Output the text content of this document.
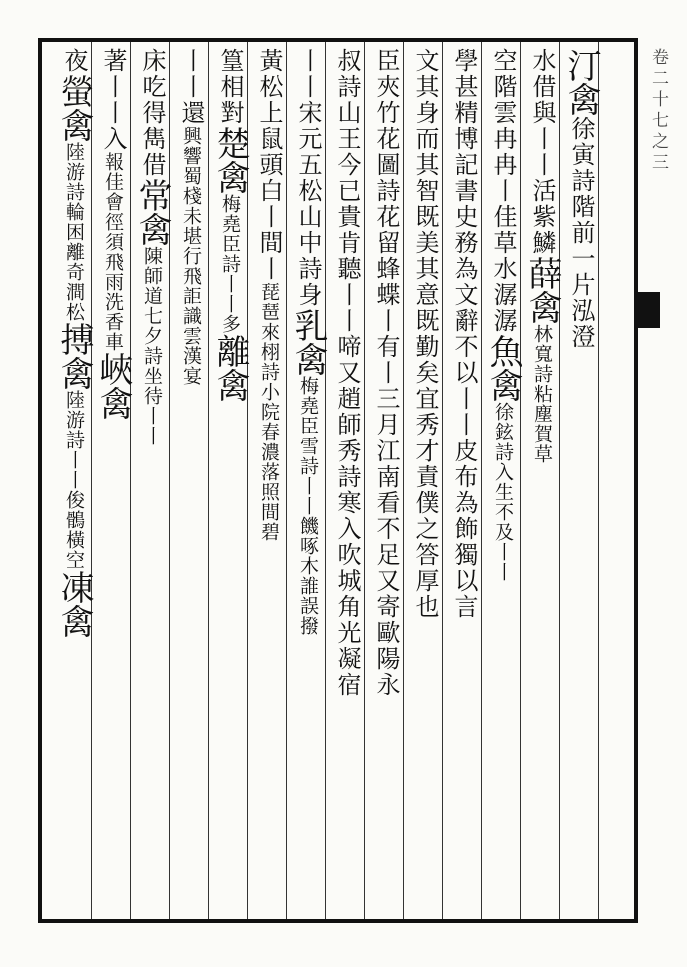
卷二十七之三
汀禽徐寅詩階前一片泓澄
水借與丨丨活紫鱗薛禽林寬詩粘塵賀草
空階雲冉冉丨佳草水潺潺魚禽徐鉉詩入生不及丨丨
學甚精博記書史務為文辭不以丨丨皮布為飾獨以言
文其身而其智既美其意既勤矣宜秀才責僕之答厚也
臣夾竹花圖詩花留蜂蝶丨有丨三月江南看不足又寄歐陽永
叔詩山王今已貴肯聽丨丨啼又趙師秀詩寒入吹城角光凝宿
丨丨宋元五松山中詩身乳禽梅堯臣雪詩丨丨饑啄木誰誤撥
黃松上鼠頭白丨間丨琵琶來栩詩小院春濃落照間碧
篁相對楚禽梅堯臣詩丨丨多離禽
丨丨還興響蜀棧未堪行飛詎識雲漢宴
床吃得雋借常禽陳師道七夕詩坐待丨丨
著丨丨入報佳會徑須飛雨洗香車峽禽
夜螢禽陸游詩輪困離奇澗松搏禽陸游詩丨丨俊鶻橫空凍禽
